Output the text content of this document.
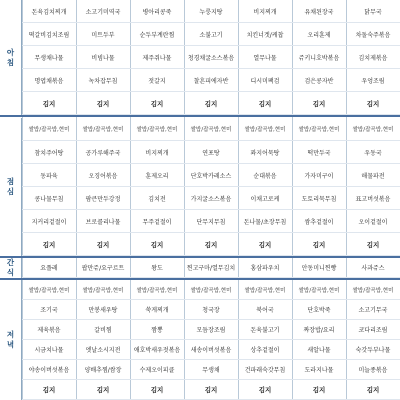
아
침
돈육김치찌개	소고기미역국	병아리콩죽	누룽지탕	비지찌개	유채된장국	닭무국
떡갈비김치조림	미트두부	순두부계란찜	소불고기	치킨너겟/케찹	오리훈제	차돌숙주볶음
무생채나물	비빔나물	제주쥐나물	청경채굴소스볶음	열무나물	쥬키니호박볶음	김치제볶음
명엽채볶음	녹차잡무침	젓갈지	찰흔피에자반	디시미팩검	검은콩자반	우엉조림
김지	김지	김지	김지	김지	김지	김지
점
심
쌀밥/잡곡밥,현미	쌀밥/잡곡밥,현미	쌀밥/잡곡밥,현미	쌀밥/잡곡밥,현미	쌀밥/잡곡밥,현미	쌀밥/잡곡밥,현미	쌀밥/잡곡밥,현미
참치주어탕	공가루해주국	비지찌개	연포탕	꽈지어묵탕	떡만두국	우동국
동파육	오징어볶음	훈제오리	단호박카레소스	순대볶음	가자미구이	해물파전
콩나물무침	팜큰만두강정	김치전	가지굴소스볶음	이채고로케	도토리묵무침	표고버섯볶음
지커리겉절이	브로콜리나물	무주겉절이	단무지무침	돈나물/초장무침	쌈추겉절이	오이겉절이
김지	김지	김지	김지	김지	김지	김지
간
식	요플레	팝만쥬/요구르트	왕도	찐고구마/열무김치	홍삼파우치	안동미니찐빵	사과쥬스
저
녁
쌀밥/잡곡밥,현미	쌀밥/잡곡밥,현미	쌀밥/잡곡밥,현미	쌀밥/잡곡밥,현미	쌀밥/잡곡밥,현미	쌀밥/잡곡밥,현미	쌀밥/잡곡밥,현미
조기국	만봉새우탕	쑥게찌개	청국장	북어국	단호박죽	소고기무국
제육볶음	갈비찜	짬뽕	모듬장조림	돈육불고기	짜장밥/요리	코다리조림
시금치나물	엣날소시지전	애호박새우젓볶음	새송이버섯볶음	상추겉절이	새알나물	숙갓두부나물
야송이버섯볶음	양배추찜/쌈장	수제오이피클	무생채	건파래숙갓무침	도라지나물	미늘종볶음
김지	김지	김지	김지	김지	김지	김지
